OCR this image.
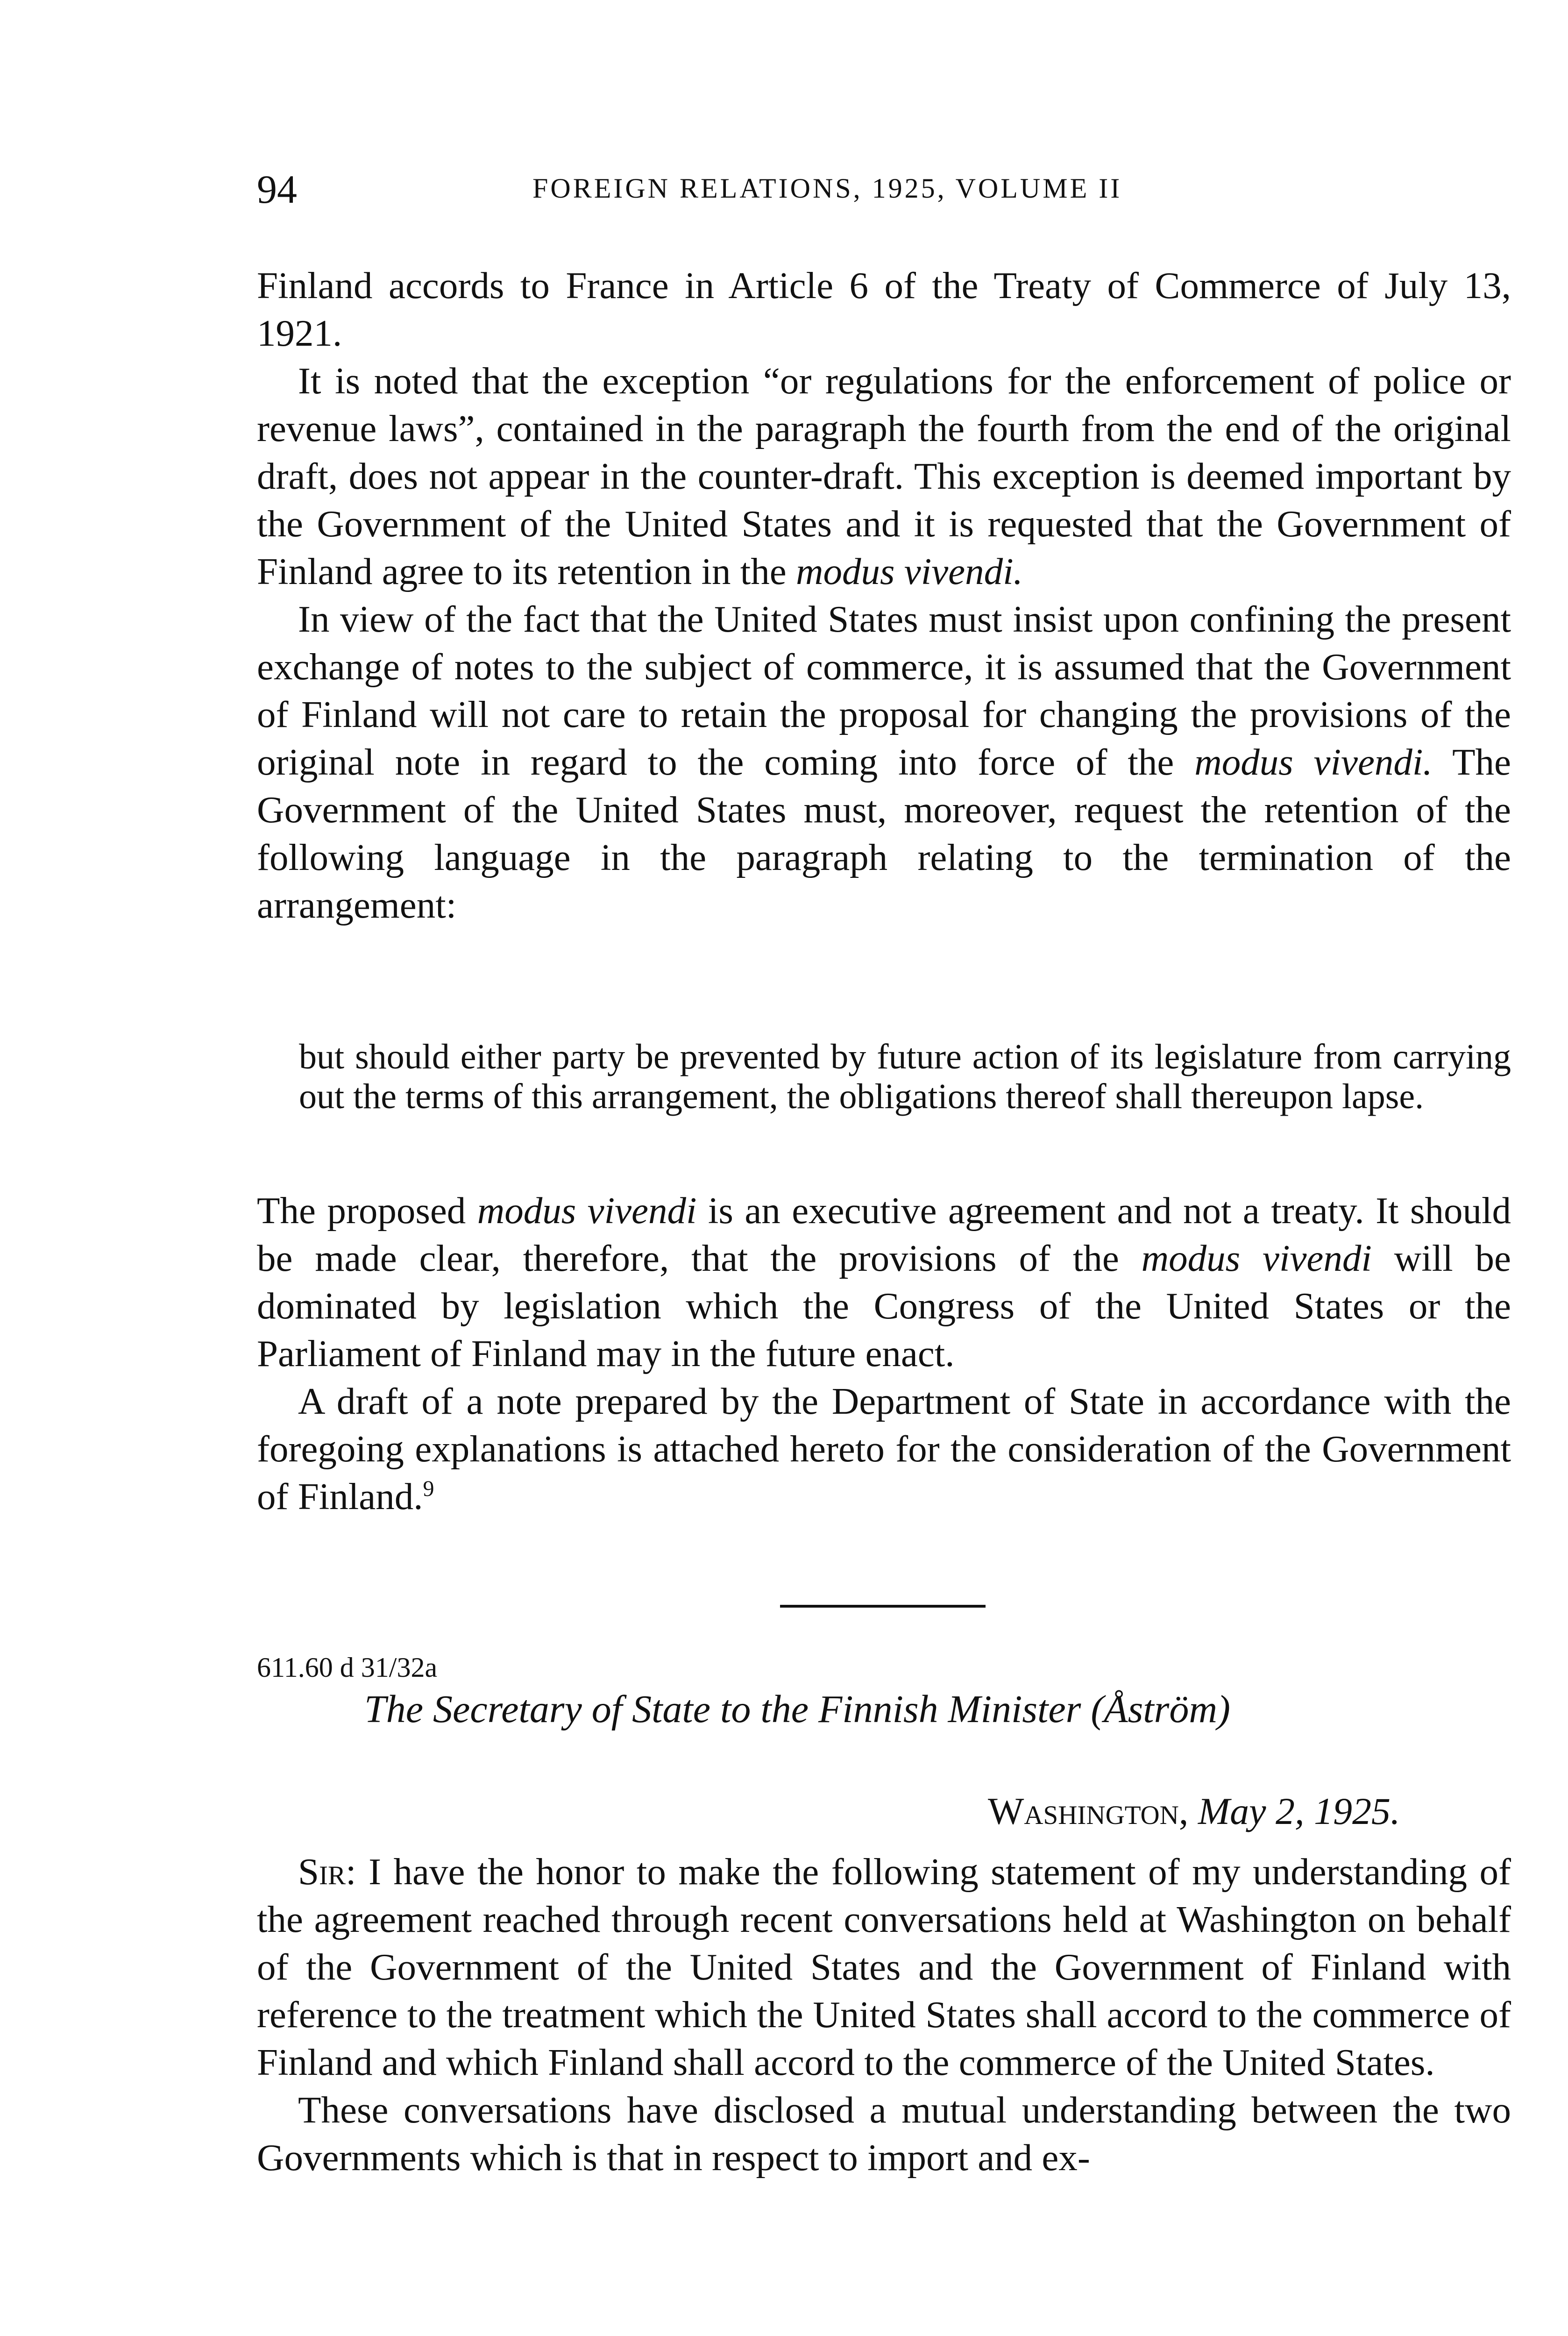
94	FOREIGN RELATIONS, 1925, VOLUME II

Finland accords to France in Article 6 of the Treaty of Commerce of July 13, 1921.

It is noted that the exception “or regulations for the enforcement of police or revenue laws”, contained in the paragraph the fourth from the end of the original draft, does not appear in the counter-draft. This exception is deemed important by the Government of the United States and it is requested that the Government of Finland agree to its retention in the modus vivendi.

In view of the fact that the United States must insist upon confining the present exchange of notes to the subject of commerce, it is assumed that the Government of Finland will not care to retain the proposal for changing the provisions of the original note in regard to the coming into force of the modus vivendi. The Government of the United States must, moreover, request the retention of the following language in the paragraph relating to the termination of the arrangement:

but should either party be prevented by future action of its legislature from carrying out the terms of this arrangement, the obligations thereof shall thereupon lapse.

The proposed modus vivendi is an executive agreement and not a treaty. It should be made clear, therefore, that the provisions of the modus vivendi will be dominated by legislation which the Congress of the United States or the Parliament of Finland may in the future enact.

A draft of a note prepared by the Department of State in accordance with the foregoing explanations is attached hereto for the consideration of the Government of Finland.$^9$

611.60 d 31/32a
The Secretary of State to the Finnish Minister (Åström)
Washington, May 2, 1925.

Sir: I have the honor to make the following statement of my understanding of the agreement reached through recent conversations held at Washington on behalf of the Government of the United States and the Government of Finland with reference to the treatment which the United States shall accord to the commerce of Finland and which Finland shall accord to the commerce of the United States.

These conversations have disclosed a mutual understanding between the two Governments which is that in respect to import and ex-
